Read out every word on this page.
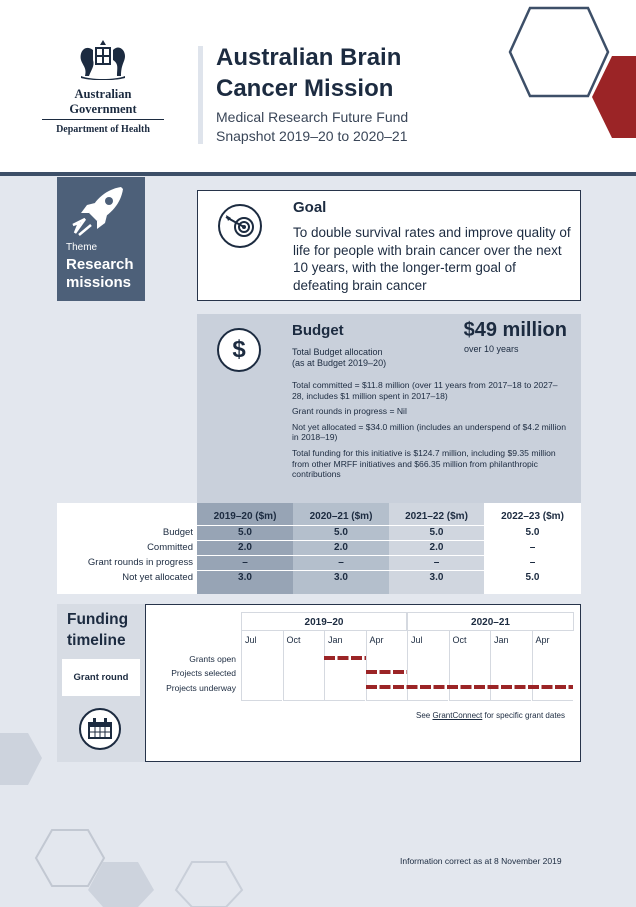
Australian Government
Department of Health
Australian Brain
Cancer Mission
Medical Research Future Fund
Snapshot 2019–20 to 2020–21
Theme
Research
missions
Goal

To double survival rates and improve quality of life for people with brain cancer over the next 10 years, with the longer-term goal of defeating brain cancer

$
Budget
Total Budget allocation
(as at Budget 2019–20)
$49 million
over 10 years
Total committed = $11.8 million (over 11 years from 2017–18 to 2027–28, includes $1 million spent in 2017–18)
Grant rounds in progress = Nil
Not yet allocated = $34.0 million (includes an underspend of $4.2 million in 2018–19)
Total funding for this initiative is $124.7 million, including $9.35 million from other MRFF initiatives and $66.35 million from philanthropic contributions
2019–20 ($m)	2020–21 ($m)	2021–22 ($m)	2022–23 ($m)
Budget	5.0	5.0	5.0	5.0
Committed	2.0	2.0	2.0	–
Grant rounds in progress	–	–	–	–
Not yet allocated	3.0	3.0	3.0	5.0
Funding
timeline
Grant round
2019–20	2020–21
Jul	Oct	Jan	Apr	Jul	Oct	Jan	Apr
Grants open
Projects selected
Projects underway
See GrantConnect for specific grant dates
Information correct as at 8 November 2019
